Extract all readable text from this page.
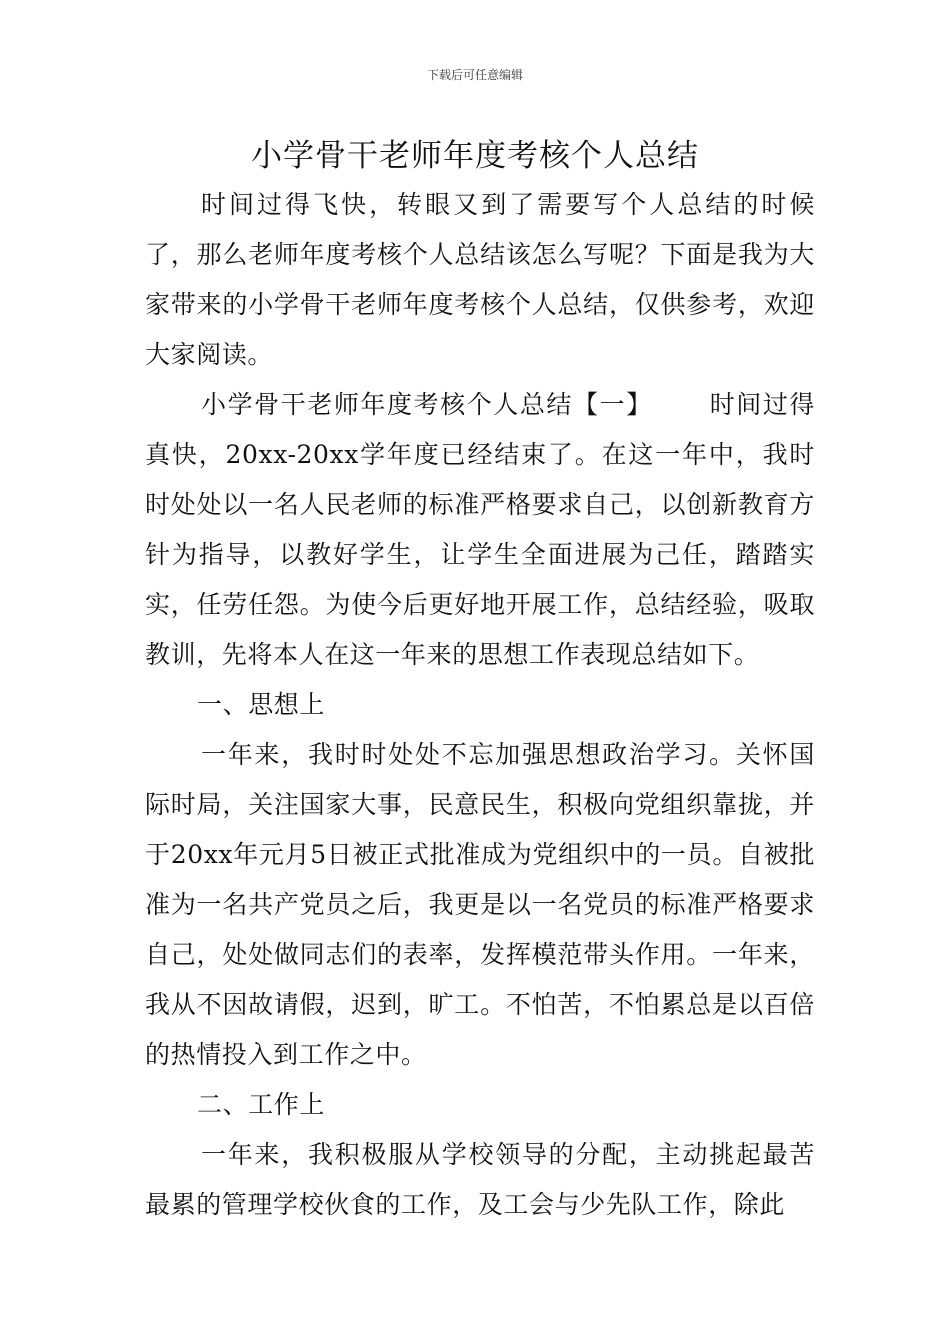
下载后可任意编辑
小学骨干老师年度考核个人总结

时间过得飞快，转眼又到了需要写个人总结的时候了，那么老师年度考核个人总结该怎么写呢？下面是我为大家带来的小学骨干老师年度考核个人总结，仅供参考，欢迎大家阅读。

小学骨干老师年度考核个人总结【一】 时间过得真快，20xx-20xx学年度已经结束了。在这一年中，我时时处处以一名人民老师的标准严格要求自己，以创新教育方针为指导，以教好学生，让学生全面进展为己任，踏踏实实，任劳任怨。为使今后更好地开展工作，总结经验，吸取教训，先将本人在这一年来的思想工作表现总结如下。

一、思想上

一年来，我时时处处不忘加强思想政治学习。关怀国际时局，关注国家大事，民意民生，积极向党组织靠拢，并于20xx年元月5日被正式批准成为党组织中的一员。自被批准为一名共产党员之后，我更是以一名党员的标准严格要求自己，处处做同志们的表率，发挥模范带头作用。一年来，我从不因故请假，迟到，旷工。不怕苦，不怕累总是以百倍的热情投入到工作之中。

二、工作上

一年来，我积极服从学校领导的分配，主动挑起最苦最累的管理学校伙食的工作，及工会与少先队工作，除此
